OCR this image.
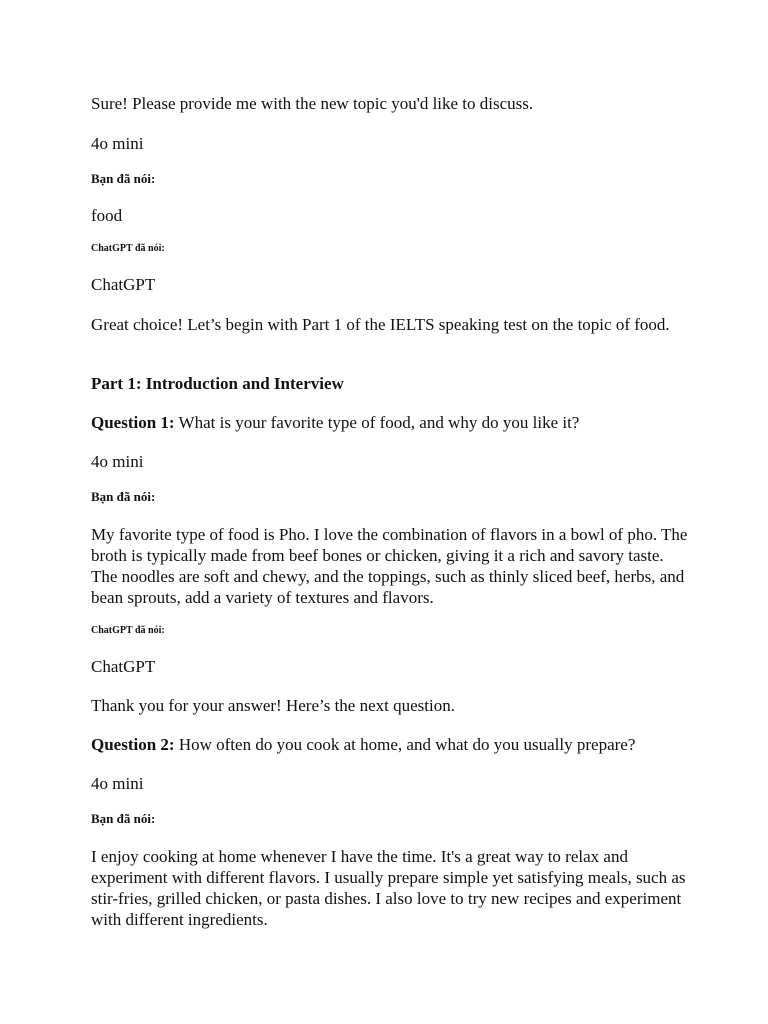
Sure! Please provide me with the new topic you'd like to discuss.

4o mini

Bạn đã nói:

food

ChatGPT đã nói:

ChatGPT

Great choice! Let’s begin with Part 1 of the IELTS speaking test on the topic of food.

Part 1: Introduction and Interview

Question 1: What is your favorite type of food, and why do you like it?

4o mini

Bạn đã nói:

My favorite type of food is Pho. I love the combination of flavors in a bowl of pho. The broth is typically made from beef bones or chicken, giving it a rich and savory taste. The noodles are soft and chewy, and the toppings, such as thinly sliced beef, herbs, and bean sprouts, add a variety of textures and flavors.

ChatGPT đã nói:

ChatGPT

Thank you for your answer! Here’s the next question.

Question 2: How often do you cook at home, and what do you usually prepare?

4o mini

Bạn đã nói:

I enjoy cooking at home whenever I have the time. It's a great way to relax and experiment with different flavors. I usually prepare simple yet satisfying meals, such as stir-fries, grilled chicken, or pasta dishes. I also love to try new recipes and experiment with different ingredients.
